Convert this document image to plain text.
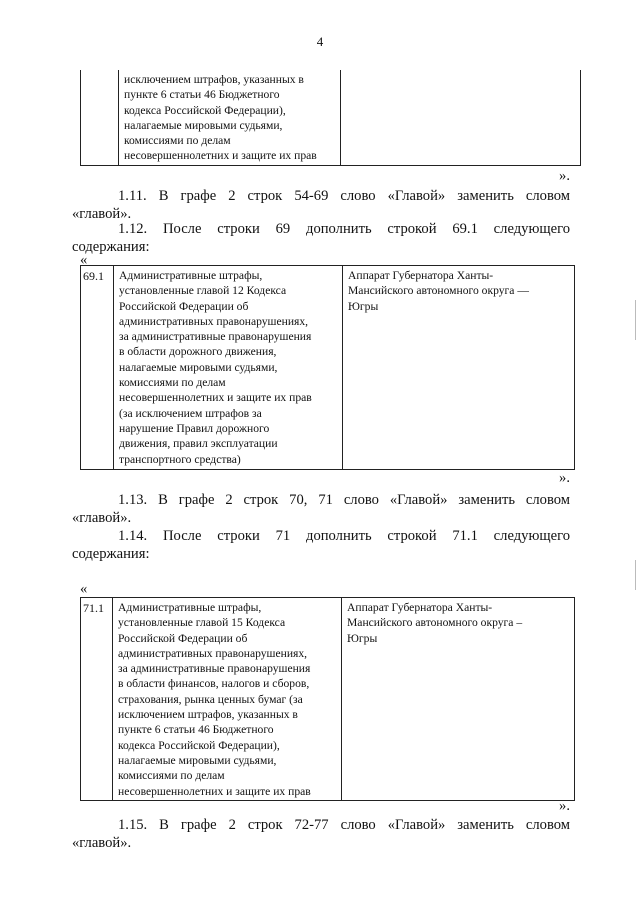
4
	исключением штрафов, указанных в
пункте 6 статьи 46 Бюджетного
кодекса Российской Федерации),
налагаемые мировыми судьями,
комиссиями по делам
несовершеннолетних и защите их прав	

».

1.11. В графе 2 строк 54-69 слово «Главой» заменить словом
«главой».

1.12. После строки 69 дополнить строкой 69.1 следующего
содержания:

«

69.1	Административные штрафы,
установленные главой 12 Кодекса
Российской Федерации об
административных правонарушениях,
за административные правонарушения
в области дорожного движения,
налагаемые мировыми судьями,
комиссиями по делам
несовершеннолетних и защите их прав
(за исключением штрафов за
нарушение Правил дорожного
движения, правил эксплуатации
транспортного средства)	Аппарат Губернатора Ханты-
Мансийского автономного округа —
Югры

».

1.13. В графе 2 строк 70, 71 слово «Главой» заменить словом
«главой».

1.14. После строки 71 дополнить строкой 71.1 следующего
содержания:

«

71.1	Административные штрафы,
установленные главой 15 Кодекса
Российской Федерации об
административных правонарушениях,
за административные правонарушения
в области финансов, налогов и сборов,
страхования, рынка ценных бумаг (за
исключением штрафов, указанных в
пункте 6 статьи 46 Бюджетного
кодекса Российской Федерации),
налагаемые мировыми судьями,
комиссиями по делам
несовершеннолетних и защите их прав	Аппарат Губернатора Ханты-
Мансийского автономного округа –
Югры

».

1.15. В графе 2 строк 72-77 слово «Главой» заменить словом
«главой».
